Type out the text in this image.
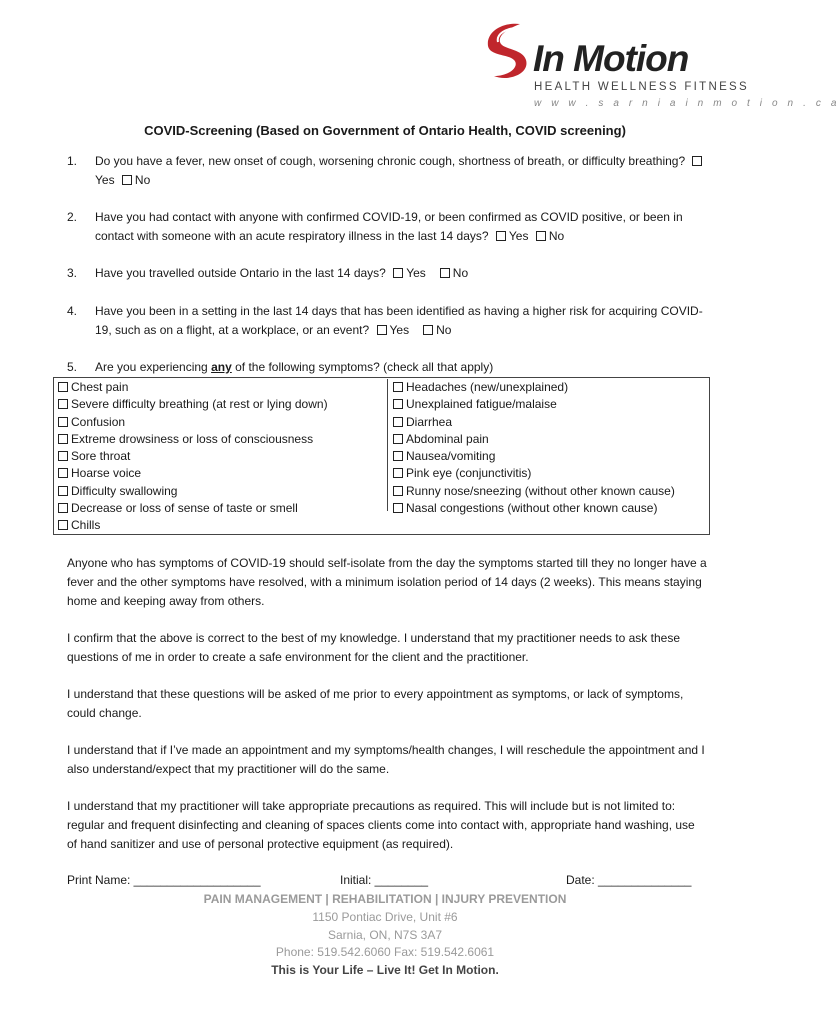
In Motion
HEALTH WELLNESS FITNESS
w w w . s a r n i a i n m o t i o n . c a
COVID-Screening (Based on Government of Ontario Health, COVID screening)
1. Do you have a fever, new onset of cough, worsening chronic cough, shortness of breath, or difficulty breathing? Yes No
2. Have you had contact with anyone with confirmed COVID-19, or been confirmed as COVID positive, or been in contact with someone with an acute respiratory illness in the last 14 days? Yes No
3. Have you travelled outside Ontario in the last 14 days? Yes No
4. Have you been in a setting in the last 14 days that has been identified as having a higher risk for acquiring COVID-19, such as on a flight, at a workplace, or an event? Yes No
5. Are you experiencing any of the following symptoms? (check all that apply)
Chest pain
Severe difficulty breathing (at rest or lying down)
Confusion
Extreme drowsiness or loss of consciousness
Sore throat
Hoarse voice
Difficulty swallowing
Decrease or loss of sense of taste or smell
Chills
Headaches (new/unexplained)
Unexplained fatigue/malaise
Diarrhea
Abdominal pain
Nausea/vomiting
Pink eye (conjunctivitis)
Runny nose/sneezing (without other known cause)
Nasal congestions (without other known cause)
Anyone who has symptoms of COVID-19 should self-isolate from the day the symptoms started till they no longer have a fever and the other symptoms have resolved, with a minimum isolation period of 14 days (2 weeks). This means staying home and keeping away from others.
I confirm that the above is correct to the best of my knowledge. I understand that my practitioner needs to ask these questions of me in order to create a safe environment for the client and the practitioner.
I understand that these questions will be asked of me prior to every appointment as symptoms, or lack of symptoms, could change.
I understand that if I’ve made an appointment and my symptoms/health changes, I will reschedule the appointment and I also understand/expect that my practitioner will do the same.
I understand that my practitioner will take appropriate precautions as required. This will include but is not limited to: regular and frequent disinfecting and cleaning of spaces clients come into contact with, appropriate hand washing, use of hand sanitizer and use of personal protective equipment (as required).
Print Name: ___________________	Initial: ________	Date: ______________
PAIN MANAGEMENT | REHABILITATION | INJURY PREVENTION
1150 Pontiac Drive, Unit #6
Sarnia, ON, N7S 3A7
Phone: 519.542.6060 Fax: 519.542.6061
This is Your Life – Live It! Get In Motion.
